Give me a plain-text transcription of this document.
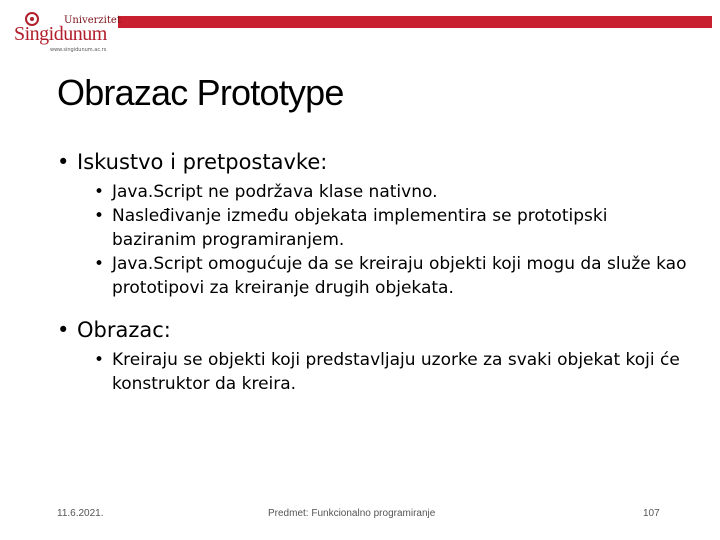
Univerzitet
Singidunum
www.singidunum.ac.rs
Obrazac Prototype

• Iskustvo i pretpostavke:

• Java.Script ne podržava klase nativno.
• Nasleđivanje između objekata implementira se prototipski baziranim programiranjem.
• Java.Script omogućuje da se kreiraju objekti koji mogu da služe kao prototipovi za kreiranje drugih objekata.

• Obrazac:

• Kreiraju se objekti koji predstavljaju uzorke za svaki objekat koji će konstruktor da kreira.
11.6.2021.	Predmet: Funkcionalno programiranje	107
